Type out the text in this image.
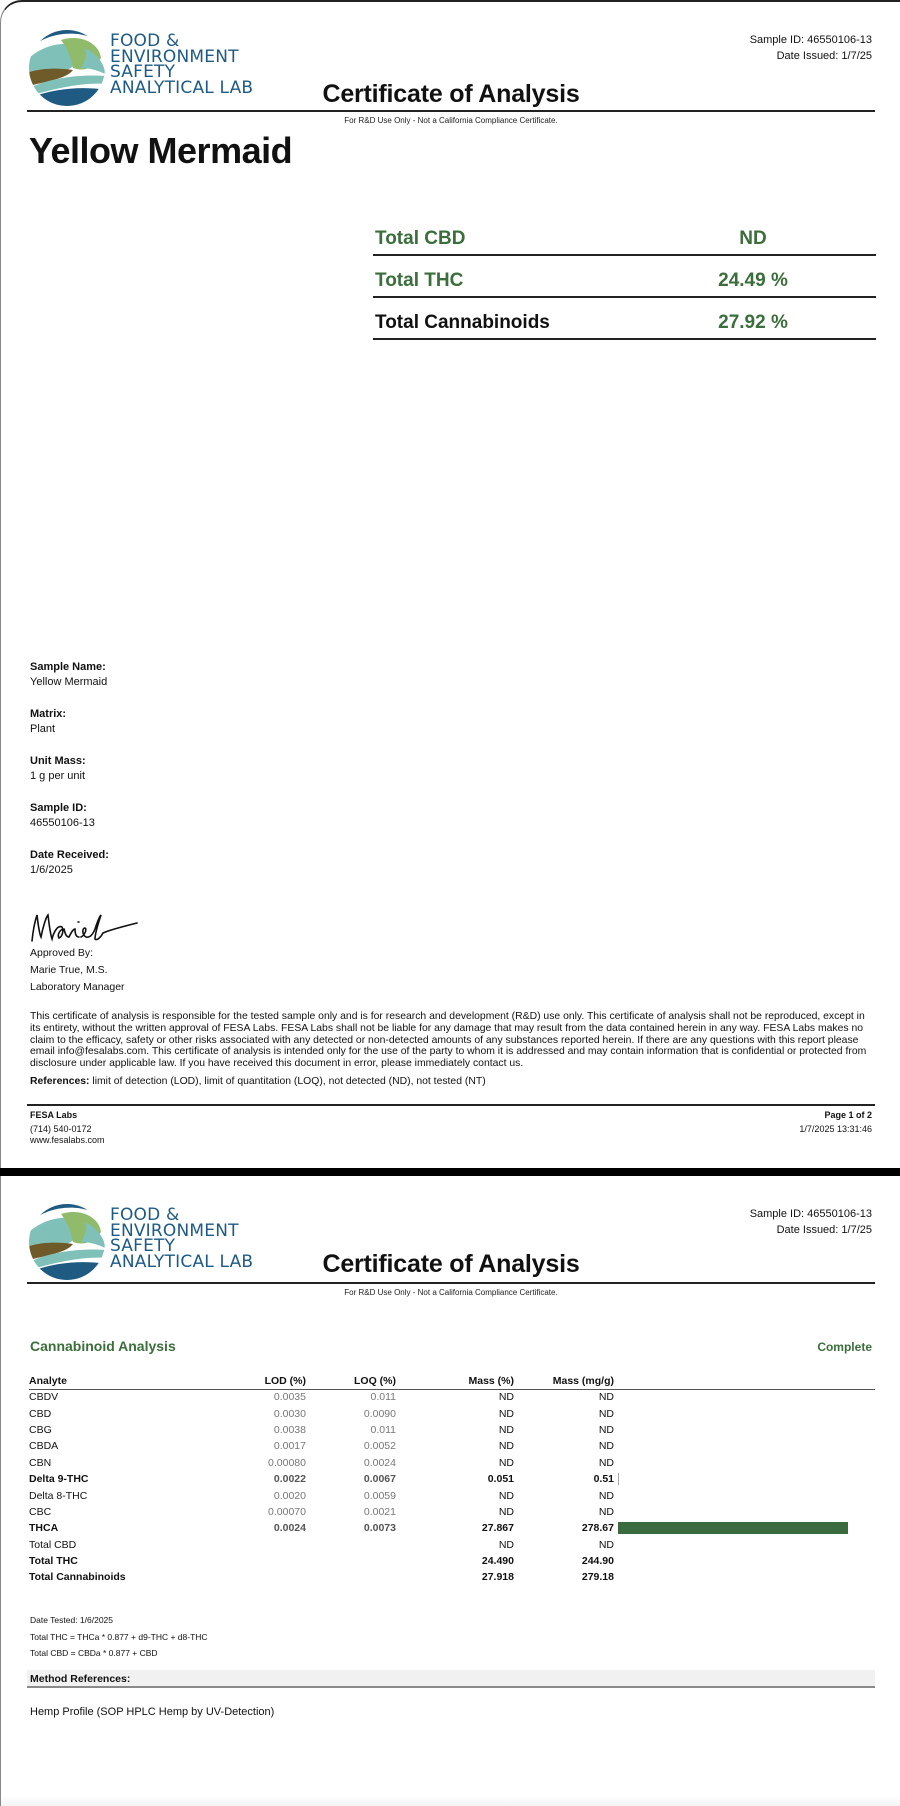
FOOD &
ENVIRONMENT
SAFETY
ANALYTICAL LAB
Sample ID: 46550106-13
Date Issued: 1/7/25
Certificate of Analysis
For R&D Use Only - Not a California Compliance Certificate.
Yellow Mermaid
Total CBD	ND
Total THC	24.49 %
Total Cannabinoids	27.92 %
Sample Name:
Yellow Mermaid
Matrix:
Plant
Unit Mass:
1 g per unit
Sample ID:
46550106-13
Date Received:
1/6/2025
Approved By:
Marie True, M.S.
Laboratory Manager
This certificate of analysis is responsible for the tested sample only and is for research and development (R&D) use only. This certificate of analysis shall not be reproduced, except in its entirety, without the written approval of FESA Labs. FESA Labs shall not be liable for any damage that may result from the data contained herein in any way. FESA Labs makes no claim to the efficacy, safety or other risks associated with any detected or non-detected amounts of any substances reported herein. If there are any questions with this report please email info@fesalabs.com. This certificate of analysis is intended only for the use of the party to whom it is addressed and may contain information that is confidential or protected from disclosure under applicable law. If you have received this document in error, please immediately contact us.
References: limit of detection (LOD), limit of quantitation (LOQ), not detected (ND), not tested (NT)
FESA Labs
(714) 540-0172
www.fesalabs.com
Page 1 of 2
1/7/2025 13:31:46
FOOD &
ENVIRONMENT
SAFETY
ANALYTICAL LAB
Sample ID: 46550106-13
Date Issued: 1/7/25
Certificate of Analysis
For R&D Use Only - Not a California Compliance Certificate.
Cannabinoid Analysis	Complete
Analyte	LOD (%)	LOQ (%)	Mass (%)	Mass (mg/g)	
CBDV	0.0035	0.011	ND	ND	
CBD	0.0030	0.0090	ND	ND	
CBG	0.0038	0.011	ND	ND	
CBDA	0.0017	0.0052	ND	ND	
CBN	0.00080	0.0024	ND	ND	
Delta 9-THC	0.0022	0.0067	0.051	0.51	

Delta 8-THC	0.0020	0.0059	ND	ND	
CBC	0.00070	0.0021	ND	ND	
THCA	0.0024	0.0073	27.867	278.67	

Total CBD			ND	ND	
Total THC			24.490	244.90	
Total Cannabinoids			27.918	279.18	
Date Tested: 1/6/2025
Total THC = THCa * 0.877 + d9-THC + d8-THC
Total CBD = CBDa * 0.877 + CBD
Method References:
Hemp Profile (SOP HPLC Hemp by UV-Detection)
